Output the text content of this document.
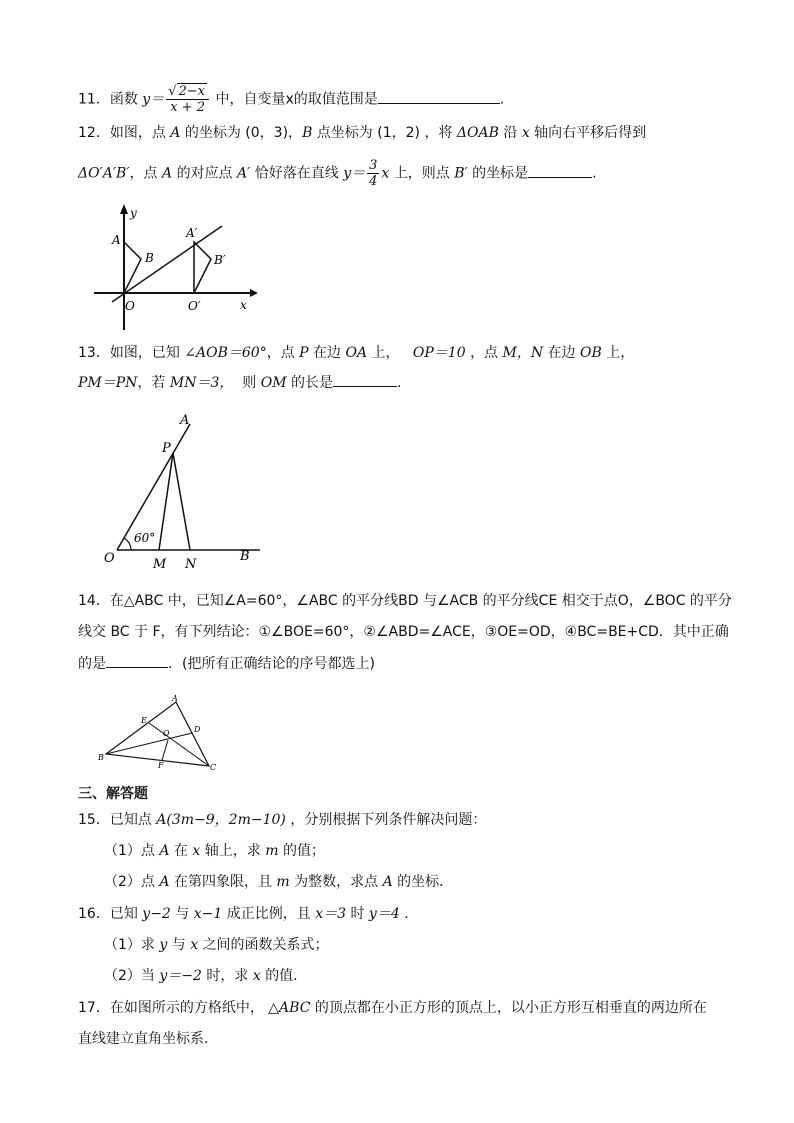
11．函数 $y= \frac{√ 2-x}{x + 2}$ 中，自变量x的取值范围是	.
12．如图，点 A 的坐标为 (0，3)，B 点坐标为 (1，2) ，将 ΔOAB 沿 x 轴向右平移后得到
ΔO′A′B′，点 A 的对应点 A′ 恰好落在直线 $y= \frac{3}{4}$ x 上，则点 B′ 的坐标是	.
y
x
A
B
O
A′
B′
O′
13．如图，已知 ∠AOB＝60°，点 P 在边 OA 上， OP＝10 ，点 M，N 在边 OB 上，
PM＝PN，若 MN＝3， 则 OM 的长是	.
A
P
O	M N
B
60°
14．在△ABC 中，已知∠A=60°，∠ABC 的平分线BD 与∠ACB 的平分线CE 相交于点O，∠BOC 的平分
线交 BC 于 F，有下列结论：①∠BOE=60°，②∠ABD=∠ACE，③OE=OD，④BC=BE+CD．其中正确
的是	．(把所有正确结论的序号都选上)
A
B
C
D
E
O
F
三、解答题
15．已知点 A(3m−9，2m−10) ，分别根据下列条件解决问题：
（1）点 A 在 x 轴上，求 m 的值；
（2）点 A 在第四象限，且 m 为整数，求点 A 的坐标．
16．已知 y−2 与 x−1 成正比例，且 x＝3 时 y＝4 ．
（1）求 y 与 x 之间的函数关系式；
（2）当 y＝−2 时，求 x 的值．
17．在如图所示的方格纸中， △ABC 的顶点都在小正方形的顶点上，以小正方形互相垂直的两边所在
直线建立直角坐标系．
